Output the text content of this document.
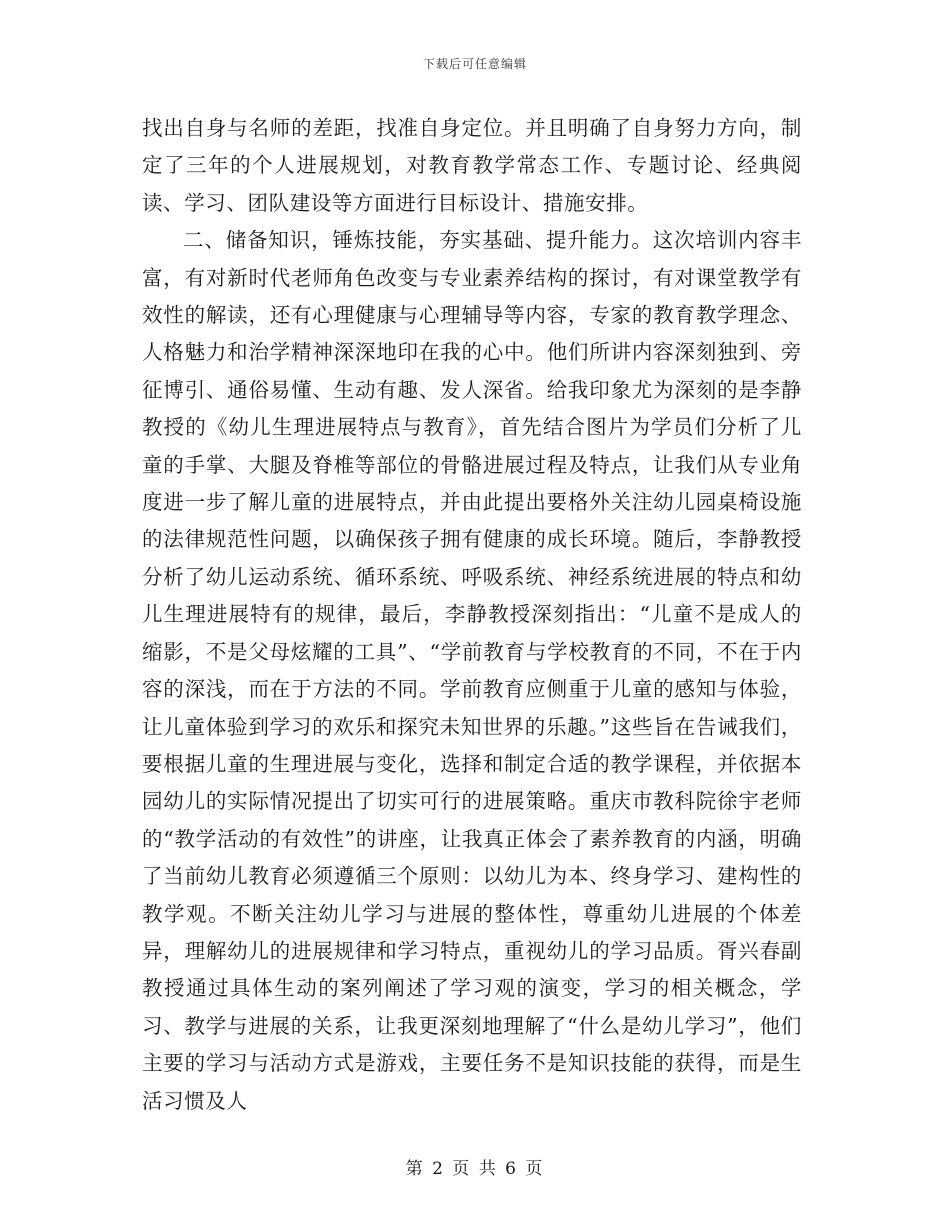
下载后可任意编辑

找出自身与名师的差距，找准自身定位。并且明确了自身努力方向，制定了三年的个人进展规划，对教育教学常态工作、专题讨论、经典阅读、学习、团队建设等方面进行目标设计、措施安排。

二、储备知识，锤炼技能，夯实基础、提升能力。这次培训内容丰富，有对新时代老师角色改变与专业素养结构的探讨，有对课堂教学有效性的解读，还有心理健康与心理辅导等内容，专家的教育教学理念、人格魅力和治学精神深深地印在我的心中。他们所讲内容深刻独到、旁征博引、通俗易懂、生动有趣、发人深省。给我印象尤为深刻的是李静教授的《幼儿生理进展特点与教育》，首先结合图片为学员们分析了儿童的手掌、大腿及脊椎等部位的骨骼进展过程及特点，让我们从专业角度进一步了解儿童的进展特点，并由此提出要格外关注幼儿园桌椅设施的法律规范性问题，以确保孩子拥有健康的成长环境。随后，李静教授分析了幼儿运动系统、循环系统、呼吸系统、神经系统进展的特点和幼儿生理进展特有的规律，最后，李静教授深刻指出：“儿童不是成人的缩影，不是父母炫耀的工具”、“学前教育与学校教育的不同，不在于内容的深浅，而在于方法的不同。学前教育应侧重于儿童的感知与体验，让儿童体验到学习的欢乐和探究未知世界的乐趣。”这些旨在告诫我们，要根据儿童的生理进展与变化，选择和制定合适的教学课程，并依据本园幼儿的实际情况提出了切实可行的进展策略。重庆市教科院徐宇老师的“教学活动的有效性”的讲座，让我真正体会了素养教育的内涵，明确了当前幼儿教育必须遵循三个原则：以幼儿为本、终身学习、建构性的教学观。不断关注幼儿学习与进展的整体性，尊重幼儿进展的个体差异，理解幼儿的进展规律和学习特点，重视幼儿的学习品质。胥兴春副教授通过具体生动的案列阐述了学习观的演变，学习的相关概念，学习、教学与进展的关系，让我更深刻地理解了“什么是幼儿学习”，他们主要的学习与活动方式是游戏，主要任务不是知识技能的获得，而是生活习惯及人

第 2 页 共 6 页
